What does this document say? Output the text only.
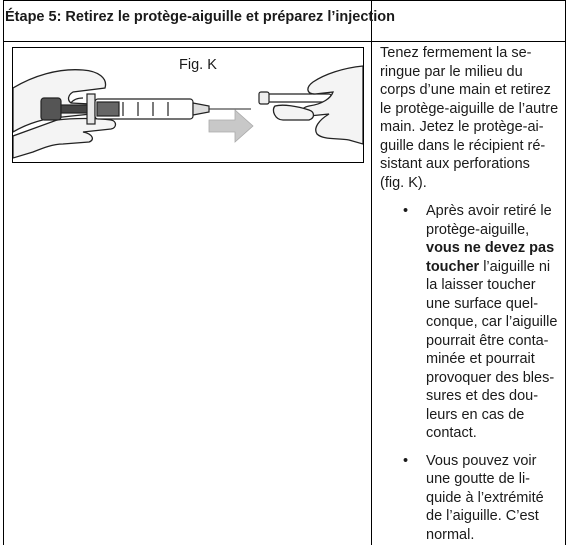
Étape 5: Retirez le protège-aiguille et préparez l’injection
Fig. K

Tenez fermement la se-
ringue par le milieu du
corps d’une main et retirez
le protège-aiguille de l’autre
main. Jetez le protège-ai-
guille dans le récipient ré-
sistant aux perforations
(fig. K).

• Après avoir retiré le
protège-aiguille,
vous ne devez pas
toucher l’aiguille ni
la laisser toucher
une surface quel-
conque, car l’aiguille
pourrait être conta-
minée et pourrait
provoquer des bles-
sures et des dou-
leurs en cas de
contact.
• Vous pouvez voir
une goutte de li-
quide à l’extrémité
de l’aiguille. C’est
normal.
